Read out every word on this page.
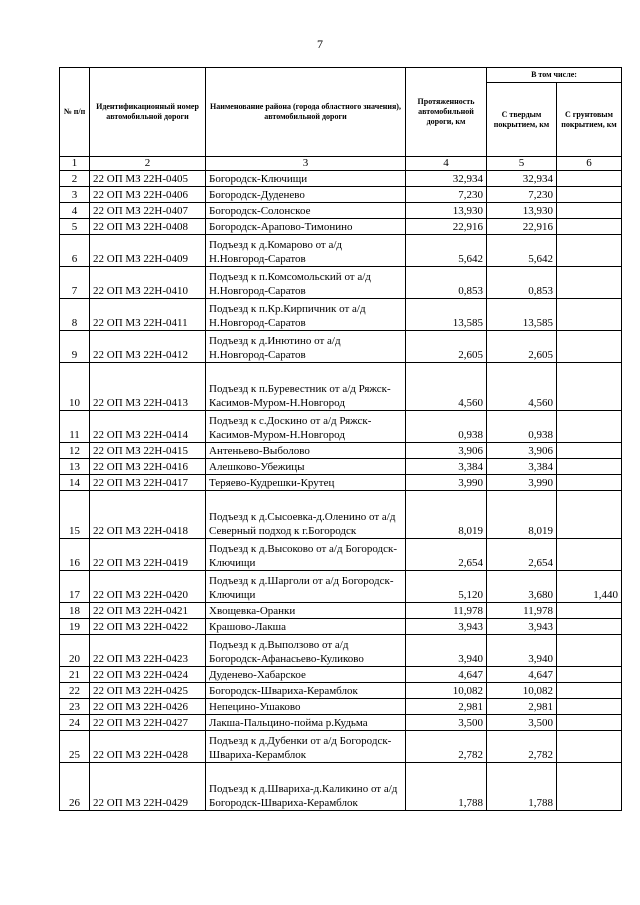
7
№ п/п	Идентификационный номер автомобильной дороги	Наименование района (города областного значения), автомобильной дороги	Протяженность автомобильной дороги, км	В том числе:	
				С твердым покрытием, км	С грунтовым покрытием, км
1	2	3	4	5	6
2	22 ОП МЗ 22Н-0405	Богородск-Ключищи	32,934	32,934	
3	22 ОП МЗ 22Н-0406	Богородск-Дуденево	7,230	7,230	
4	22 ОП МЗ 22Н-0407	Богородск-Солонское	13,930	13,930	
5	22 ОП МЗ 22Н-0408	Богородск-Арапово-Тимонино	22,916	22,916	
6	22 ОП МЗ 22Н-0409	Подъезд к д.Комарово от а/д Н.Новгород-Саратов	5,642	5,642	
7	22 ОП МЗ 22Н-0410	Подъезд к п.Комсомольский от а/д Н.Новгород-Саратов	0,853	0,853	
8	22 ОП МЗ 22Н-0411	Подъезд к п.Кр.Кирпичник от а/д Н.Новгород-Саратов	13,585	13,585	
9	22 ОП МЗ 22Н-0412	Подъезд к д.Инютино от а/д Н.Новгород-Саратов	2,605	2,605	
10	22 ОП МЗ 22Н-0413	Подъезд к п.Буревестник от а/д Ряжск-Касимов-Муром-Н.Новгород	4,560	4,560	
11	22 ОП МЗ 22Н-0414	Подъезд к с.Доскино от а/д Ряжск-Касимов-Муром-Н.Новгород	0,938	0,938	
12	22 ОП МЗ 22Н-0415	Антеньево-Выболово	3,906	3,906	
13	22 ОП МЗ 22Н-0416	Алешково-Убежицы	3,384	3,384	
14	22 ОП МЗ 22Н-0417	Теряево-Кудрешки-Крутец	3,990	3,990	
15	22 ОП МЗ 22Н-0418	Подъезд к д.Сысоевка-д.Оленино от а/д Северный подход к г.Богородск	8,019	8,019	
16	22 ОП МЗ 22Н-0419	Подъезд к д.Высоково от а/д Богородск-Ключищи	2,654	2,654	
17	22 ОП МЗ 22Н-0420	Подъезд к д.Шарголи от а/д Богородск-Ключищи	5,120	3,680	1,440
18	22 ОП МЗ 22Н-0421	Хвощевка-Оранки	11,978	11,978	
19	22 ОП МЗ 22Н-0422	Крашово-Лакша	3,943	3,943	
20	22 ОП МЗ 22Н-0423	Подъезд к д.Выползово от а/д Богородск-Афанасьево-Куликово	3,940	3,940	
21	22 ОП МЗ 22Н-0424	Дуденево-Хабарское	4,647	4,647	
22	22 ОП МЗ 22Н-0425	Богородск-Швариха-Керамблок	10,082	10,082	
23	22 ОП МЗ 22Н-0426	Непецино-Ушаково	2,981	2,981	
24	22 ОП МЗ 22Н-0427	Лакша-Пальцино-пойма р.Кудьма	3,500	3,500	
25	22 ОП МЗ 22Н-0428	Подъезд к д.Дубенки от а/д Богородск-Швариха-Керамблок	2,782	2,782	
26	22 ОП МЗ 22Н-0429	Подъезд к д.Швариха-д.Каликино от а/д Богородск-Швариха-Керамблок	1,788	1,788	
